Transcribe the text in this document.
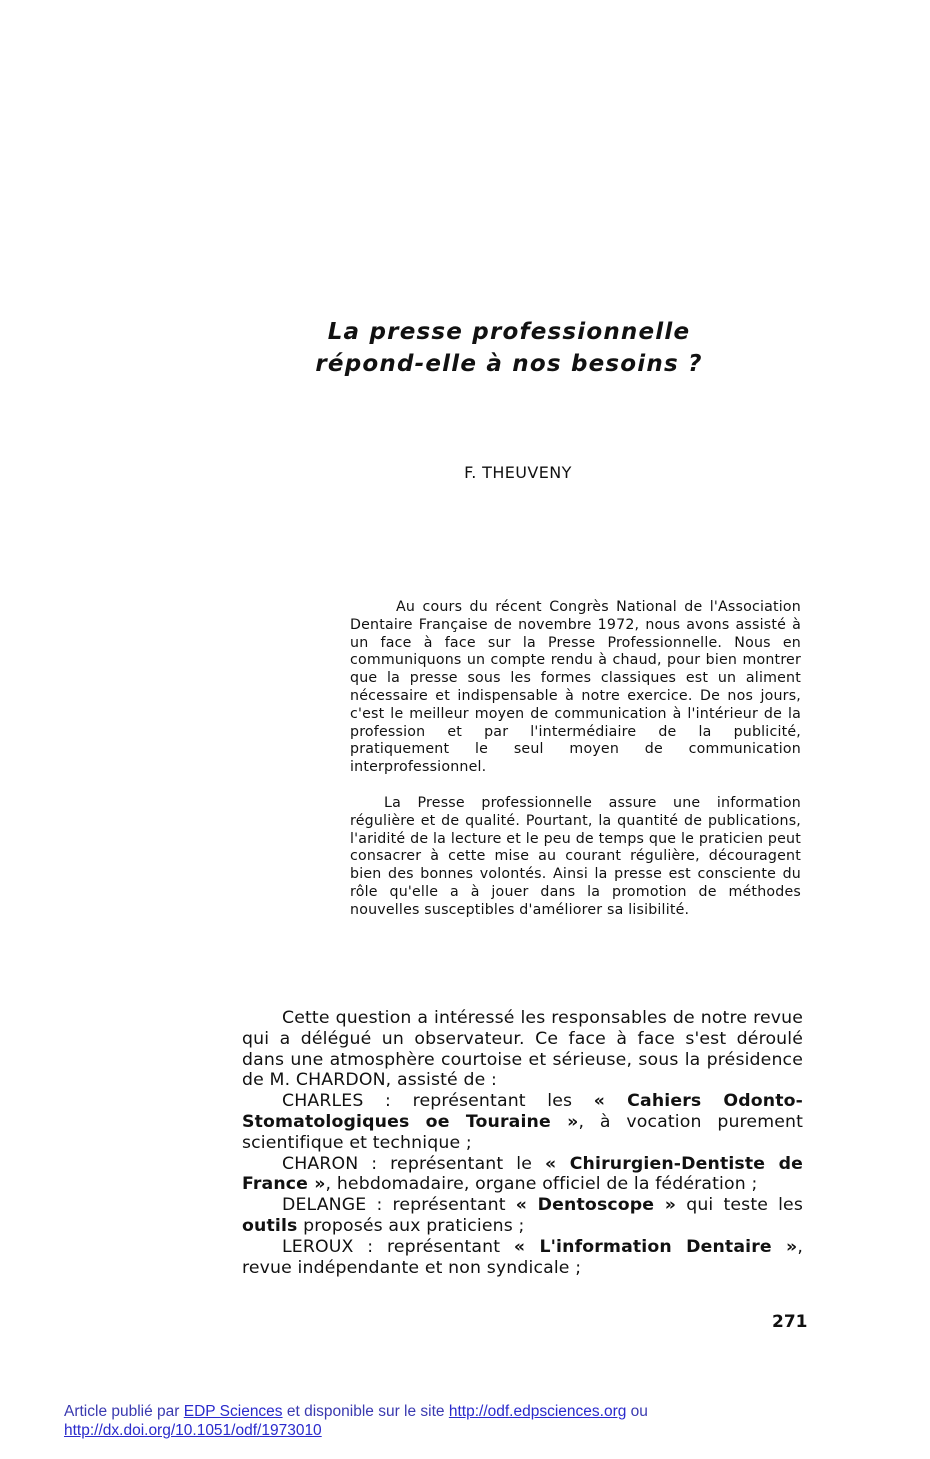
La presse professionnelle
répond-elle à nos besoins ?
F. THEUVENY

Au cours du récent Congrès National de l'Association Dentaire Française de novembre 1972, nous avons assisté à un face à face sur la Presse Professionnelle. Nous en communiquons un compte rendu à chaud, pour bien montrer que la presse sous les formes classiques est un aliment nécessaire et indispensable à notre exercice. De nos jours, c'est le meilleur moyen de communication à l'intérieur de la profession et par l'intermédiaire de la publicité, pratiquement le seul moyen de communication interprofessionnel.

La Presse professionnelle assure une information régulière et de qualité. Pourtant, la quantité de publications, l'aridité de la lecture et le peu de temps que le praticien peut consacrer à cette mise au courant régulière, découragent bien des bonnes volontés. Ainsi la presse est consciente du rôle qu'elle a à jouer dans la promotion de méthodes nouvelles susceptibles d'améliorer sa lisibilité.

Cette question a intéressé les responsables de notre revue qui a délégué un observateur. Ce face à face s'est déroulé dans une atmosphère courtoise et sérieuse, sous la présidence de M. CHARDON, assisté de :

CHARLES : représentant les « Cahiers Odonto-Stomatologiques oe Touraine », à vocation purement scientifique et technique ;

CHARON : représentant le « Chirurgien-Dentiste de France », hebdomadaire, organe officiel de la fédération ;

DELANGE : représentant « Dentoscope » qui teste les outils proposés aux praticiens ;

LEROUX : représentant « L'information Dentaire », revue indépendante et non syndicale ;

271
Article publié par EDP Sciences et disponible sur le site http://odf.edpsciences.org ou
http://dx.doi.org/10.1051/odf/1973010
